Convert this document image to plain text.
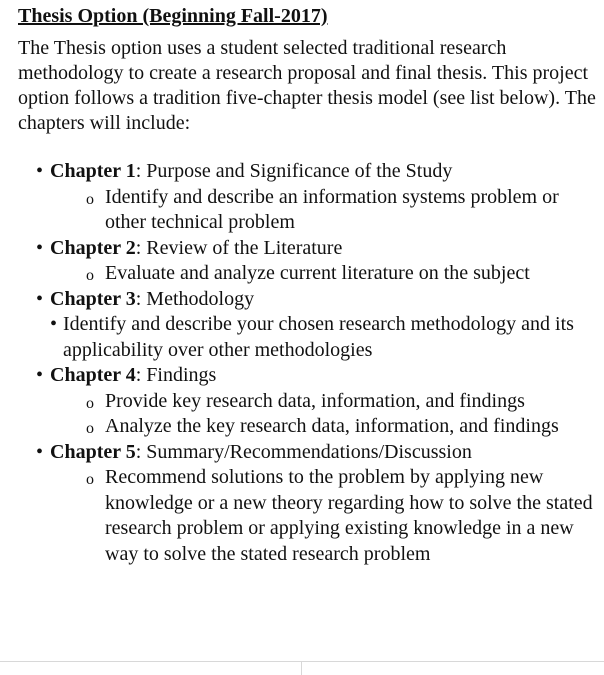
Thesis Option (Beginning Fall-2017)
The Thesis option uses a student selected traditional research methodology to create a research proposal and final thesis. This project option follows a tradition five-chapter thesis model (see list below). The chapters will include:
• Chapter 1: Purpose and Significance of the Study
o Identify and describe an information systems problem or other technical problem
• Chapter 2: Review of the Literature
o Evaluate and analyze current literature on the subject
• Chapter 3: Methodology
• Identify and describe your chosen research methodology and its applicability over other methodologies
• Chapter 4: Findings
o Provide key research data, information, and findings
o Analyze the key research data, information, and findings
• Chapter 5: Summary/Recommendations/Discussion
o Recommend solutions to the problem by applying new knowledge or a new theory regarding how to solve the stated research problem or applying existing knowledge in a new way to solve the stated research problem
